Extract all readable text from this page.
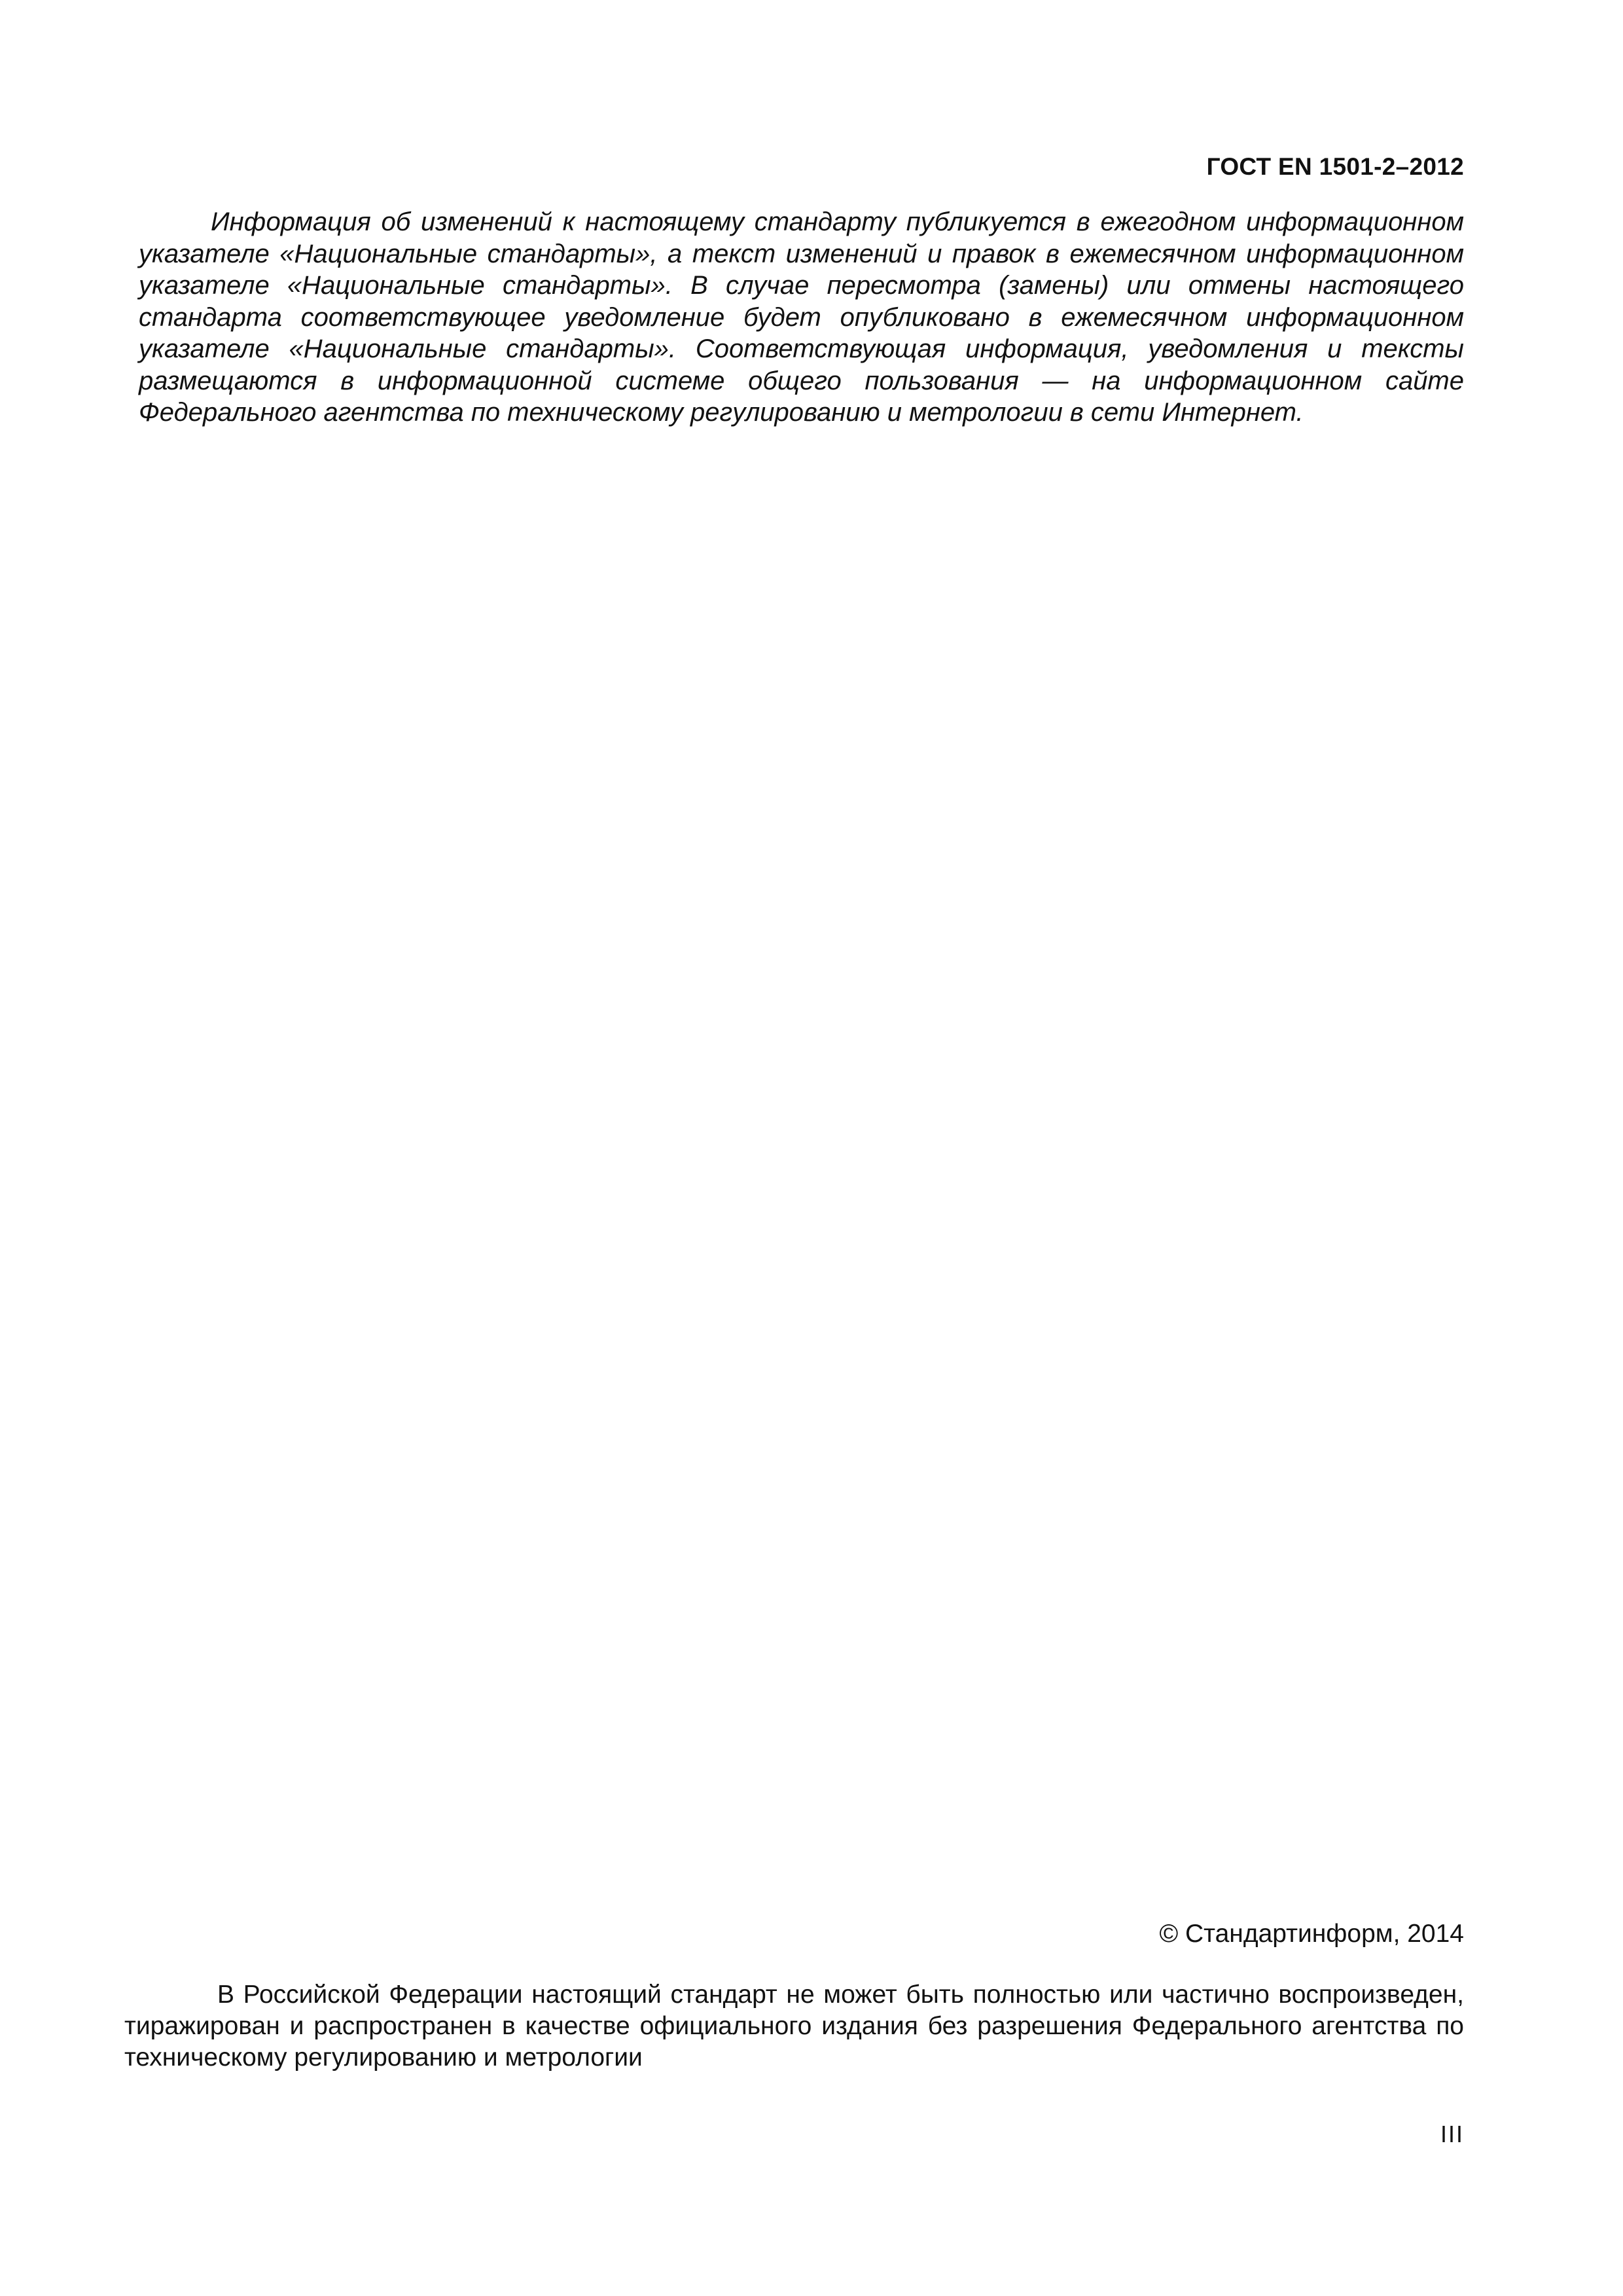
ГОСТ EN 1501-2–2012

Информация об изменений к настоящему стандарту публикуется в ежегодном информационном указателе «Национальные стандарты», а текст изменений и правок в ежемесячном информационном указателе «Национальные стандарты». В случае пересмотра (замены) или отмены настоящего стандарта соответствующее уведомление будет опубликовано в ежемесячном информационном указателе «Национальные стандарты». Соответствующая информация, уведомления и тексты размещаются в информационной системе общего пользования — на информационном сайте Федерального агентства по техническому регулированию и метрологии в сети Интернет.

© Стандартинформ, 2014

В Российской Федерации настоящий стандарт не может быть полностью или частично воспроизведен, тиражирован и распространен в качестве официального издания без разрешения Федерального агентства по техническому регулированию и метрологии

III
